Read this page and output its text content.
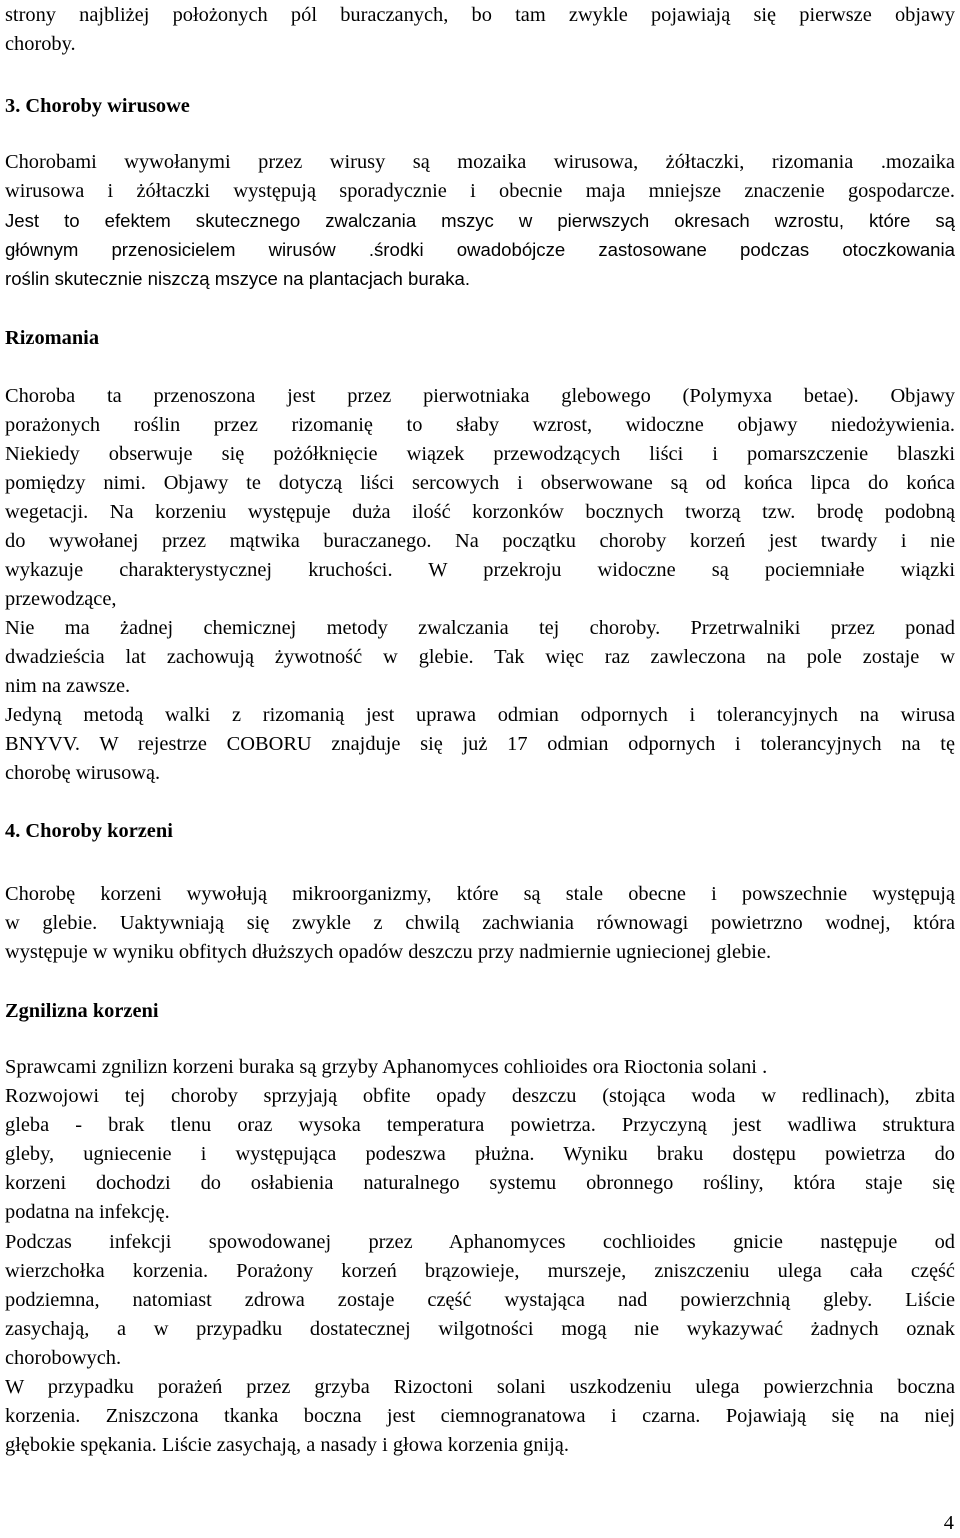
strony najbliżej położonych pól buraczanych, bo tam zwykle pojawiają się pierwsze objawy
choroby.
3. Choroby wirusowe
Chorobami wywołanymi przez wirusy są mozaika wirusowa, żółtaczki, rizomania .mozaika
wirusowa i żółtaczki występują sporadycznie i obecnie maja mniejsze znaczenie gospodarcze.
Jest to efektem skutecznego zwalczania mszyc w pierwszych okresach wzrostu, które są
głównym przenosicielem wirusów .środki owadobójcze zastosowane podczas otoczkowania
roślin skutecznie niszczą mszyce na plantacjach buraka.
Rizomania
Choroba ta przenoszona jest przez pierwotniaka glebowego (Polymyxa betae). Objawy
porażonych roślin przez rizomanię to słaby wzrost, widoczne objawy niedożywienia.
Niekiedy obserwuje się pożółknięcie wiązek przewodzących liści i pomarszczenie blaszki
pomiędzy nimi. Objawy te dotyczą liści sercowych i obserwowane są od końca lipca do końca
wegetacji. Na korzeniu występuje duża ilość korzonków bocznych tworzą tzw. brodę podobną
do wywołanej przez mątwika buraczanego. Na początku choroby korzeń jest twardy i nie
wykazuje charakterystycznej kruchości. W przekroju widoczne są pociemniałe wiązki
przewodzące,
Nie ma żadnej chemicznej metody zwalczania tej choroby. Przetrwalniki przez ponad
dwadzieścia lat zachowują żywotność w glebie. Tak więc raz zawleczona na pole zostaje w
nim na zawsze.
Jedyną metodą walki z rizomanią jest uprawa odmian odpornych i tolerancyjnych na wirusa
BNYVV. W rejestrze COBORU znajduje się już 17 odmian odpornych i tolerancyjnych na tę
chorobę wirusową.
4. Choroby korzeni
Chorobę korzeni wywołują mikroorganizmy, które są stale obecne i powszechnie występują
w glebie. Uaktywniają się zwykle z chwilą zachwiania równowagi powietrzno wodnej, która
występuje w wyniku obfitych dłuższych opadów deszczu przy nadmiernie ugniecionej glebie.
Zgnilizna korzeni
Sprawcami zgnilizn korzeni buraka są grzyby Aphanomyces cohlioides ora Rioctonia solani .
Rozwojowi tej choroby sprzyjają obfite opady deszczu (stojąca woda w redlinach), zbita
gleba - brak tlenu oraz wysoka temperatura powietrza. Przyczyną jest wadliwa struktura
gleby, ugniecenie i występująca podeszwa płużna. Wyniku braku dostępu powietrza do
korzeni dochodzi do osłabienia naturalnego systemu obronnego rośliny, która staje się
podatna na infekcję.
Podczas infekcji spowodowanej przez Aphanomyces cochlioides gnicie następuje od
wierzchołka korzenia. Porażony korzeń brązowieje, murszeje, zniszczeniu ulega cała część
podziemna, natomiast zdrowa zostaje część wystająca nad powierzchnią gleby. Liście
zasychają, a w przypadku dostatecznej wilgotności mogą nie wykazywać żadnych oznak
chorobowych.
W przypadku porażeń przez grzyba Rizoctoni solani uszkodzeniu ulega powierzchnia boczna
korzenia. Zniszczona tkanka boczna jest ciemnogranatowa i czarna. Pojawiają się na niej
głębokie spękania. Liście zasychają, a nasady i głowa korzenia gniją.
4
